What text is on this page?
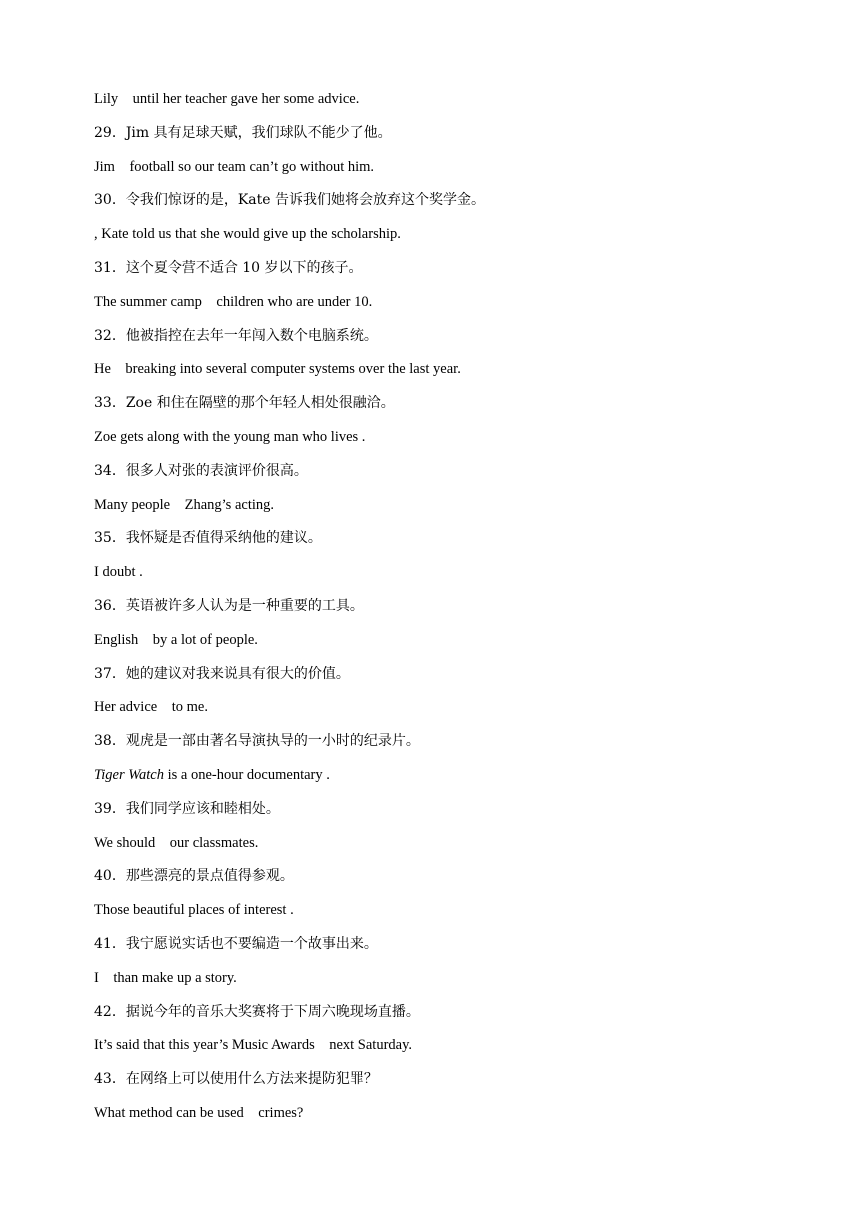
Lily    until her teacher gave her some advice.
29．Jim 具有足球天赋，我们球队不能少了他。
Jim    football so our team can’t go without him.
30．令我们惊讶的是，Kate 告诉我们她将会放弃这个奖学金。
, Kate told us that she would give up the scholarship.
31．这个夏令营不适合 10 岁以下的孩子。
The summer camp    children who are under 10.
32．他被指控在去年一年闯入数个电脑系统。
He    breaking into several computer systems over the last year.
33．Zoe 和住在隔壁的那个年轻人相处很融洽。
Zoe gets along with the young man who lives .
34．很多人对张的表演评价很高。
Many people    Zhang’s acting.
35．我怀疑是否值得采纳他的建议。
I doubt .
36．英语被许多人认为是一种重要的工具。
English    by a lot of people.
37．她的建议对我来说具有很大的价值。
Her advice    to me.
38．观虎是一部由著名导演执导的一小时的纪录片。
Tiger Watch is a one-hour documentary .
39．我们同学应该和睦相处。
We should    our classmates.
40．那些漂亮的景点值得参观。
Those beautiful places of interest .
41．我宁愿说实话也不要编造一个故事出来。
I    than make up a story.
42．据说今年的音乐大奖赛将于下周六晚现场直播。
It’s said that this year’s Music Awards    next Saturday.
43．在网络上可以使用什么方法来提防犯罪？
What method can be used    crimes?
